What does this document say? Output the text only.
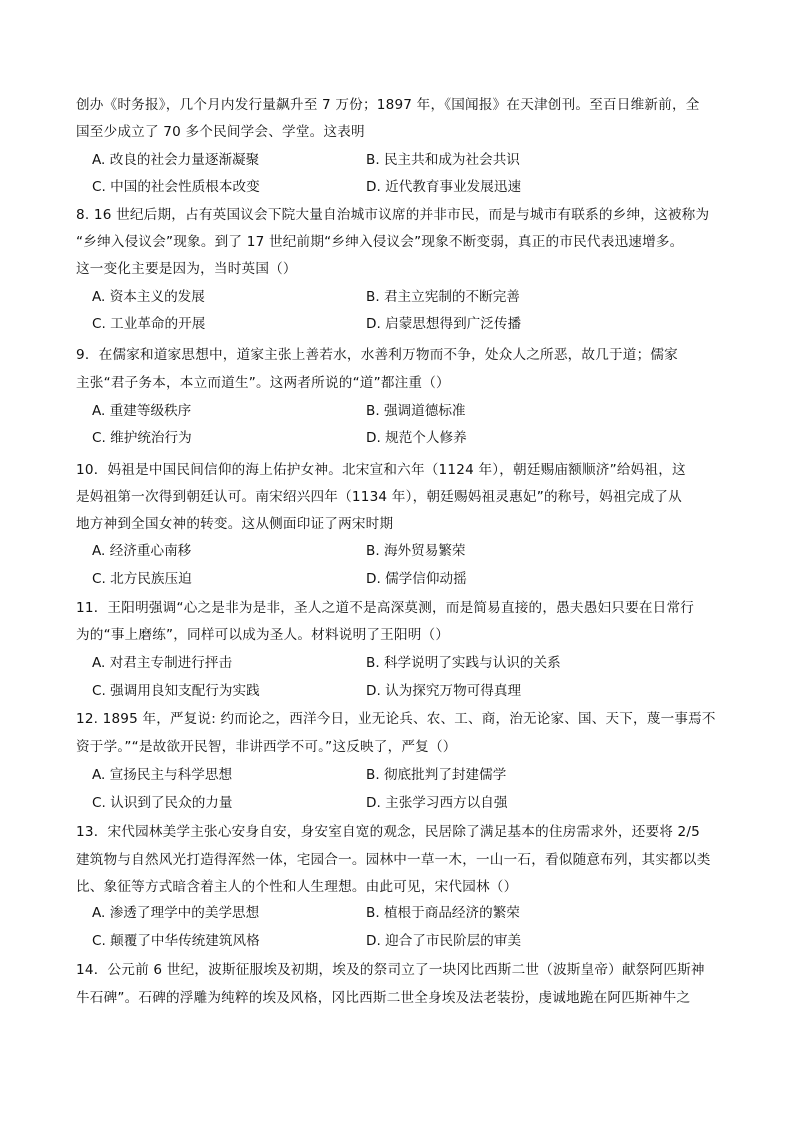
创办《时务报》，几个月内发行量飙升至 7 万份；1897 年，《国闻报》在天津创刊。至百日维新前，全
国至少成立了 70 多个民间学会、学堂。这表明
A. 改良的社会力量逐渐凝聚	B. 民主共和成为社会共识
C. 中国的社会性质根本改变	D. 近代教育事业发展迅速
8. 16 世纪后期，占有英国议会下院大量自治城市议席的并非市民，而是与城市有联系的乡绅，这被称为
“乡绅入侵议会”现象。到了 17 世纪前期“乡绅入侵议会”现象不断变弱，真正的市民代表迅速增多。
这一变化主要是因为，当时英国（）
A. 资本主义的发展	B. 君主立宪制的不断完善
C. 工业革命的开展	D. 启蒙思想得到广泛传播
9．在儒家和道家思想中，道家主张上善若水，水善利万物而不争，处众人之所恶，故几于道；儒家
主张“君子务本，本立而道生”。这两者所说的“道”都注重（）
A. 重建等级秩序	B. 强调道德标准
C. 维护统治行为	D. 规范个人修养
10．妈祖是中国民间信仰的海上佑护女神。北宋宣和六年（1124 年），朝廷赐庙额顺济”给妈祖，这
是妈祖第一次得到朝廷认可。南宋绍兴四年（1134 年），朝廷赐妈祖灵惠妃”的称号，妈祖完成了从
地方神到全国女神的转变。这从侧面印证了两宋时期
A. 经济重心南移	B. 海外贸易繁荣
C. 北方民族压迫	D. 儒学信仰动摇
11．王阳明强调“心之是非为是非，圣人之道不是高深莫测，而是简易直接的，愚夫愚妇只要在日常行
为的“事上磨练”，同样可以成为圣人。材料说明了王阳明（）
A. 对君主专制进行抨击	B. 科学说明了实践与认识的关系
C. 强调用良知支配行为实践	D. 认为探究万物可得真理
12. 1895 年，严复说: 约而论之，西洋今日，业无论兵、农、工、商，治无论家、国、天下，蔑一事焉不
资于学。”“是故欲开民智，非讲西学不可。”这反映了，严复（）
A. 宣扬民主与科学思想	B. 彻底批判了封建儒学
C. 认识到了民众的力量	D. 主张学习西方以自强
13．宋代园林美学主张心安身自安，身安室自宽的观念，民居除了满足基本的住房需求外，还要将 2/5
建筑物与自然风光打造得浑然一体，宅园合一。园林中一草一木，一山一石，看似随意布列，其实都以类
比、象征等方式暗含着主人的个性和人生理想。由此可见，宋代园林（）
A. 渗透了理学中的美学思想	B. 植根于商品经济的繁荣
C. 颠覆了中华传统建筑风格	D. 迎合了市民阶层的审美
14．公元前 6 世纪，波斯征服埃及初期，埃及的祭司立了一块冈比西斯二世（波斯皇帝）献祭阿匹斯神
牛石碑”。石碑的浮雕为纯粹的埃及风格，冈比西斯二世全身埃及法老装扮，虔诚地跪在阿匹斯神牛之
